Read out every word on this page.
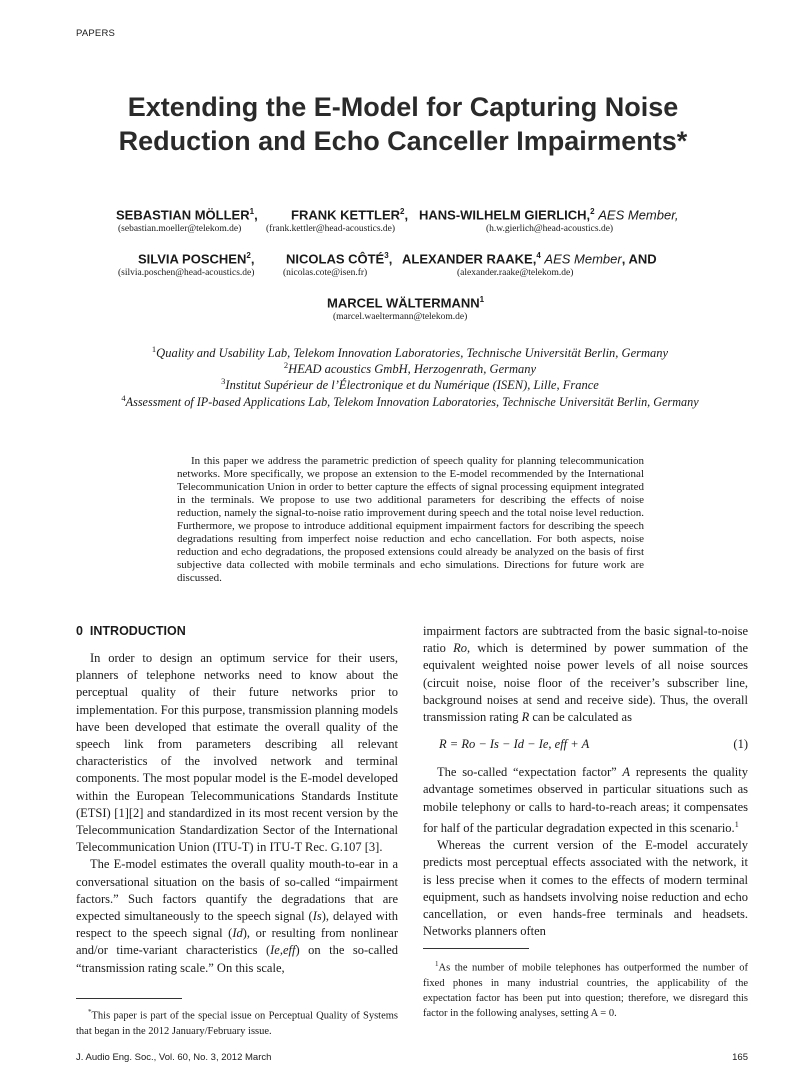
PAPERS
Extending the E-Model for Capturing Noise Reduction and Echo Canceller Impairments*
SEBASTIAN MÖLLER$^1$,	FRANK KETTLER$^2$, HANS-WILHELM GIERLICH,$^2$ AES Member,
(sebastian.moeller@telekom.de)	(frank.kettler@head-acoustics.de)	(h.w.gierlich@head-acoustics.de)
SILVIA POSCHEN$^2$, NICOLAS CÔTÉ$^3$, ALEXANDER RAAKE,$^4$ AES Member, AND
(silvia.poschen@head-acoustics.de)	(nicolas.cote@isen.fr)	(alexander.raake@telekom.de)
MARCEL WÄLTERMANN$^1$
(marcel.waeltermann@telekom.de)
$^1$Quality and Usability Lab, Telekom Innovation Laboratories, Technische Universität Berlin, Germany
$^2$HEAD acoustics GmbH, Herzogenrath, Germany
$^3$Institut Supérieur de l’Électronique et du Numérique (ISEN), Lille, France
$^4$Assessment of IP-based Applications Lab, Telekom Innovation Laboratories, Technische Universität Berlin, Germany

In this paper we address the parametric prediction of speech quality for planning telecommunication networks. More specifically, we propose an extension to the E-model recommended by the International Telecommunication Union in order to better capture the effects of signal processing equipment integrated in the terminals. We propose to use two additional parameters for describing the effects of noise reduction, namely the signal-to-noise ratio improvement during speech and the total noise level reduction. Furthermore, we propose to introduce additional equipment impairment factors for describing the speech degradations resulting from imperfect noise reduction and echo cancellation. For both aspects, noise reduction and echo degradations, the proposed extensions could already be analyzed on the basis of first subjective data collected with mobile terminals and echo simulations. Directions for future work are discussed.

0 INTRODUCTION

In order to design an optimum service for their users, planners of telephone networks need to know about the perceptual quality of their future networks prior to implementation. For this purpose, transmission planning models have been developed that estimate the overall quality of the speech link from parameters describing all relevant characteristics of the involved network and terminal components. The most popular model is the E-model developed within the European Telecommunications Standards Institute (ETSI) [1][2] and standardized in its most recent version by the Telecommunication Standardization Sector of the International Telecommunication Union (ITU-T) in ITU-T Rec. G.107 [3].

The E-model estimates the overall quality mouth-to-ear in a conversational situation on the basis of so-called “impairment factors.” Such factors quantify the degradations that are expected simultaneously to the speech signal (Is), delayed with respect to the speech signal (Id), or resulting from nonlinear and/or time-variant characteristics (Ie,eff) on the so-called “transmission rating scale.” On this scale,

impairment factors are subtracted from the basic signal-to-noise ratio Ro, which is determined by power summation of the equivalent weighted noise power levels of all noise sources (circuit noise, noise floor of the receiver’s subscriber line, background noises at send and receive side). Thus, the overall transmission rating R can be calculated as

R = Ro − Is − Id − Ie, eff + A	(1)

The so-called “expectation factor” A represents the quality advantage sometimes observed in particular situations such as mobile telephony or calls to hard-to-reach areas; it compensates for half of the particular degradation expected in this scenario.$^1$

Whereas the current version of the E-model accurately predicts most perceptual effects associated with the network, it is less precise when it comes to the effects of modern terminal equipment, such as handsets involving noise reduction and echo cancellation, or even hands-free terminals and headsets. Networks planners often

$^1$As the number of mobile telephones has outperformed the number of fixed phones in many industrial countries, the applicability of the expectation factor has been put into question; therefore, we disregard this factor in the following analyses, setting A = 0.

*This paper is part of the special issue on Perceptual Quality of Systems that began in the 2012 January/February issue.

J. Audio Eng. Soc., Vol. 60, No. 3, 2012 March	165
